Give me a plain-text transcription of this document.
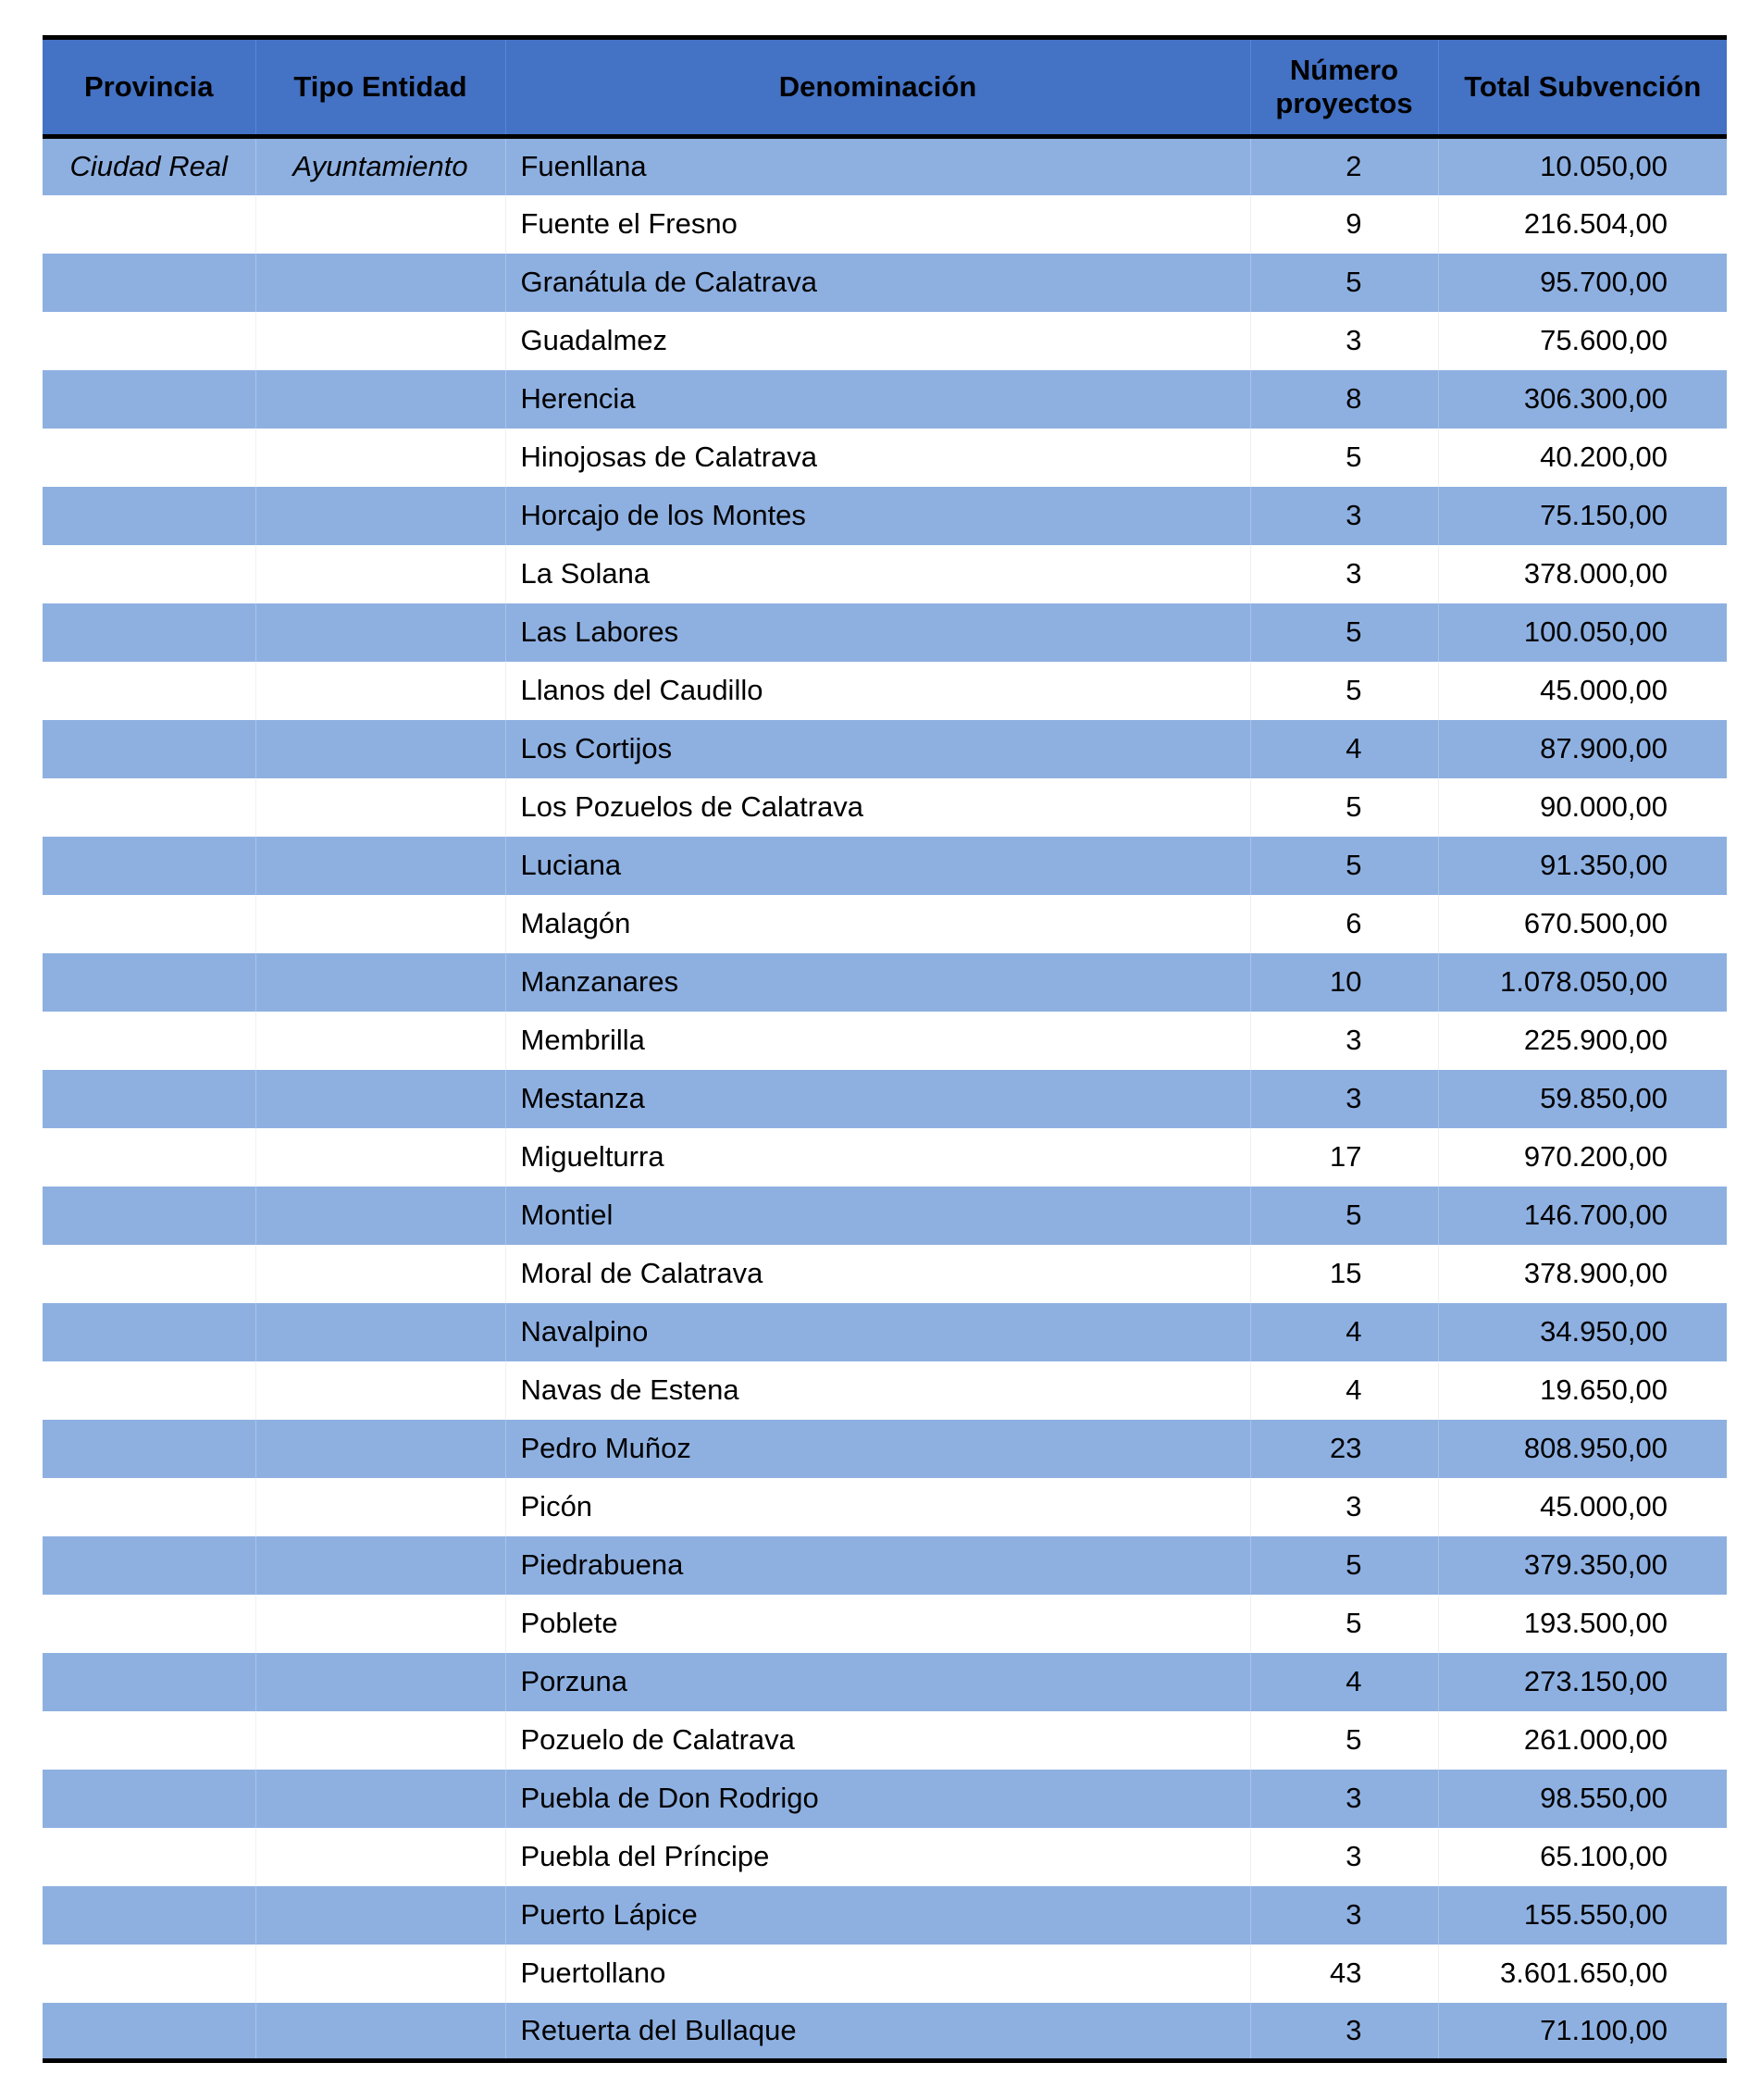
Provincia	Tipo Entidad	Denominación	Número proyectos	Total Subvención
Ciudad Real	Ayuntamiento	Fuenllana	2	10.050,00
		Fuente el Fresno	9	216.504,00
		Granátula de Calatrava	5	95.700,00
		Guadalmez	3	75.600,00
		Herencia	8	306.300,00
		Hinojosas de Calatrava	5	40.200,00
		Horcajo de los Montes	3	75.150,00
		La Solana	3	378.000,00
		Las Labores	5	100.050,00
		Llanos del Caudillo	5	45.000,00
		Los Cortijos	4	87.900,00
		Los Pozuelos de Calatrava	5	90.000,00
		Luciana	5	91.350,00
		Malagón	6	670.500,00
		Manzanares	10	1.078.050,00
		Membrilla	3	225.900,00
		Mestanza	3	59.850,00
		Miguelturra	17	970.200,00
		Montiel	5	146.700,00
		Moral de Calatrava	15	378.900,00
		Navalpino	4	34.950,00
		Navas de Estena	4	19.650,00
		Pedro Muñoz	23	808.950,00
		Picón	3	45.000,00
		Piedrabuena	5	379.350,00
		Poblete	5	193.500,00
		Porzuna	4	273.150,00
		Pozuelo de Calatrava	5	261.000,00
		Puebla de Don Rodrigo	3	98.550,00
		Puebla del Príncipe	3	65.100,00
		Puerto Lápice	3	155.550,00
		Puertollano	43	3.601.650,00
		Retuerta del Bullaque	3	71.100,00
